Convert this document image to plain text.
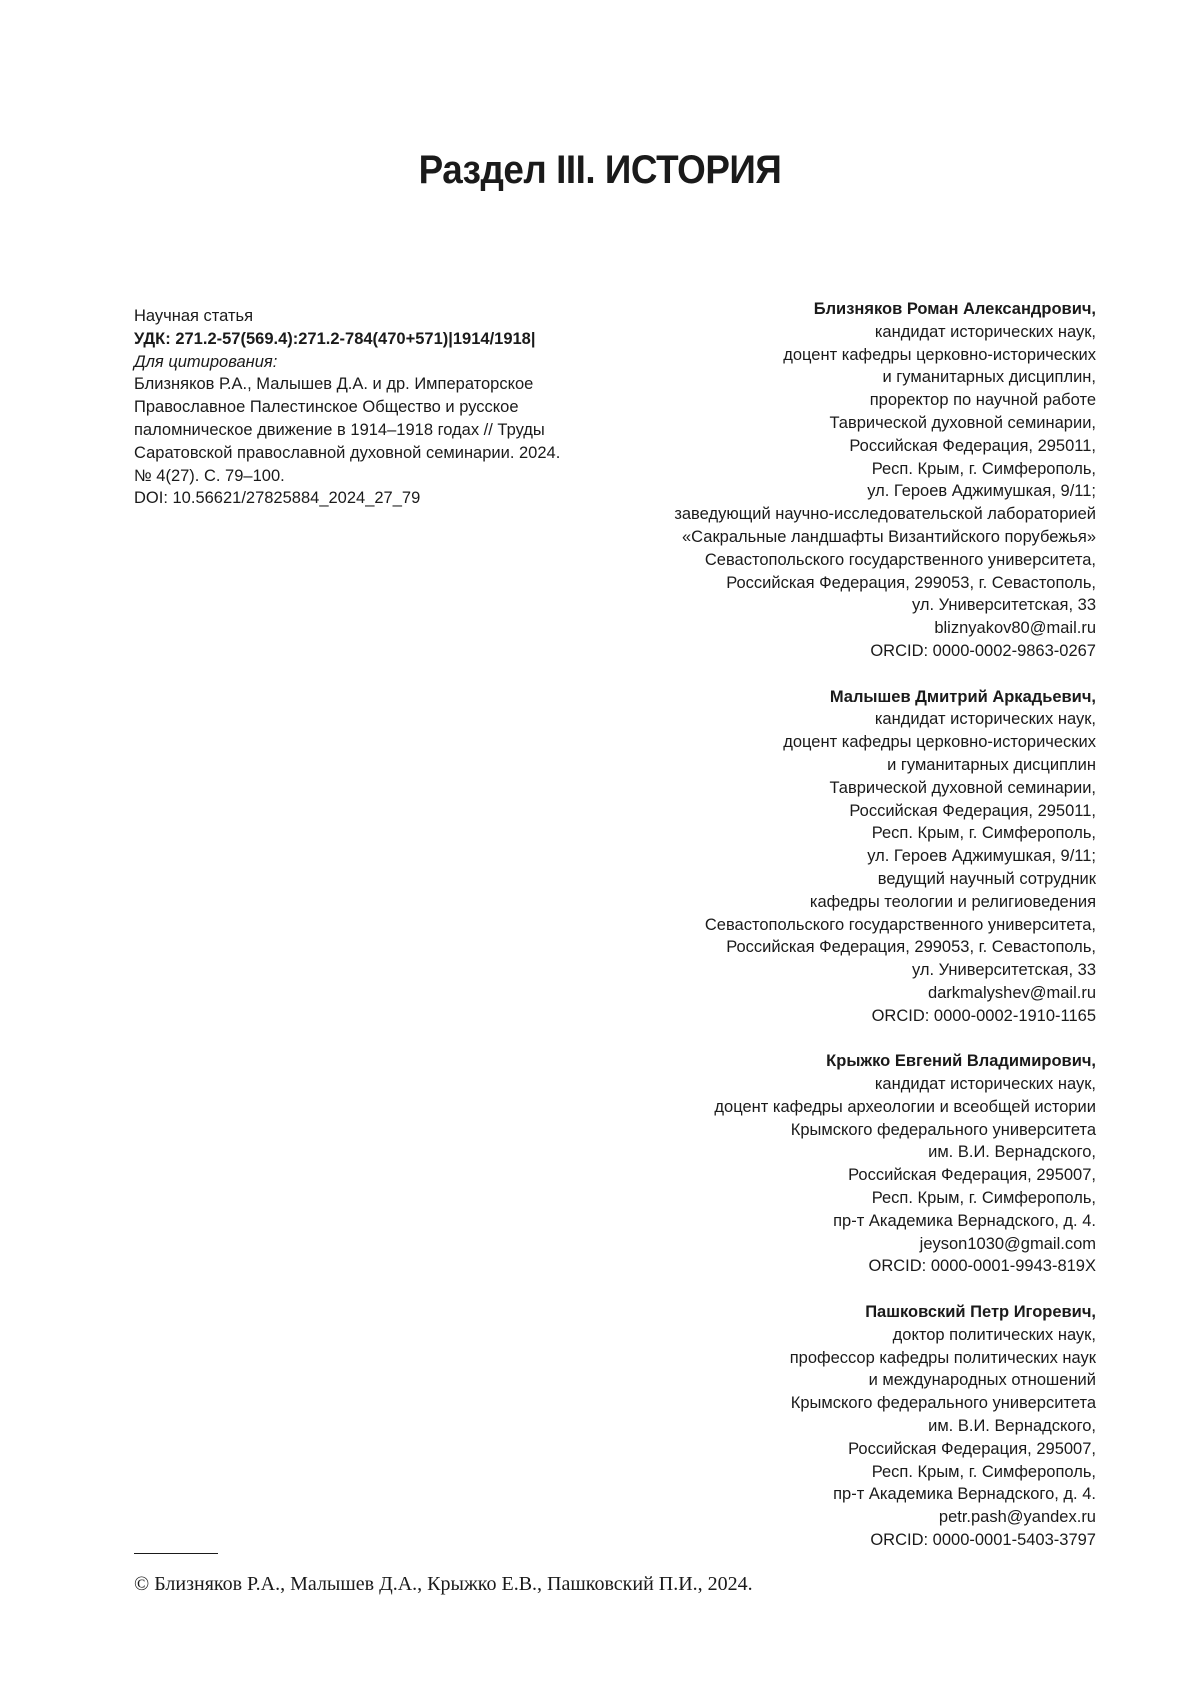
Раздел III. ИСТОРИЯ
Научная статья
УДК: 271.2-57(569.4):271.2-784(470+571)|1914/1918|
Для цитирования:
Близняков Р.А., Малышев Д.А. и др. Императорское
Православное Палестинское Общество и русское
паломническое движение в 1914–1918 годах // Труды
Саратовской православной духовной семинарии. 2024.
№ 4(27). С. 79–100.
DOI: 10.56621/27825884_2024_27_79
Близняков Роман Александрович,
кандидат исторических наук,
доцент кафедры церковно-исторических
и гуманитарных дисциплин,
проректор по научной работе
Таврической духовной семинарии,
Российская Федерация, 295011,
Респ. Крым, г. Симферополь,
ул. Героев Аджимушкая, 9/11;
заведующий научно-исследовательской лабораторией
«Сакральные ландшафты Византийского порубежья»
Севастопольского государственного университета,
Российская Федерация, 299053, г. Севастополь,
ул. Университетская, 33
bliznyakov80@mail.ru
ORCID: 0000-0002-9863-0267
Малышев Дмитрий Аркадьевич,
кандидат исторических наук,
доцент кафедры церковно-исторических
и гуманитарных дисциплин
Таврической духовной семинарии,
Российская Федерация, 295011,
Респ. Крым, г. Симферополь,
ул. Героев Аджимушкая, 9/11;
ведущий научный сотрудник
кафедры теологии и религиоведения
Севастопольского государственного университета,
Российская Федерация, 299053, г. Севастополь,
ул. Университетская, 33
darkmalyshev@mail.ru
ORCID: 0000-0002-1910-1165
Крыжко Евгений Владимирович,
кандидат исторических наук,
доцент кафедры археологии и всеобщей истории
Крымского федерального университета
им. В.И. Вернадского,
Российская Федерация, 295007,
Респ. Крым, г. Симферополь,
пр-т Академика Вернадского, д. 4.
jeyson1030@gmail.com
ORCID: 0000-0001-9943-819X
Пашковский Петр Игоревич,
доктор политических наук,
профессор кафедры политических наук
и международных отношений
Крымского федерального университета
им. В.И. Вернадского,
Российская Федерация, 295007,
Респ. Крым, г. Симферополь,
пр-т Академика Вернадского, д. 4.
petr.pash@yandex.ru
ORCID: 0000-0001-5403-3797
© Близняков Р.А., Малышев Д.А., Крыжко Е.В., Пашковский П.И., 2024.
